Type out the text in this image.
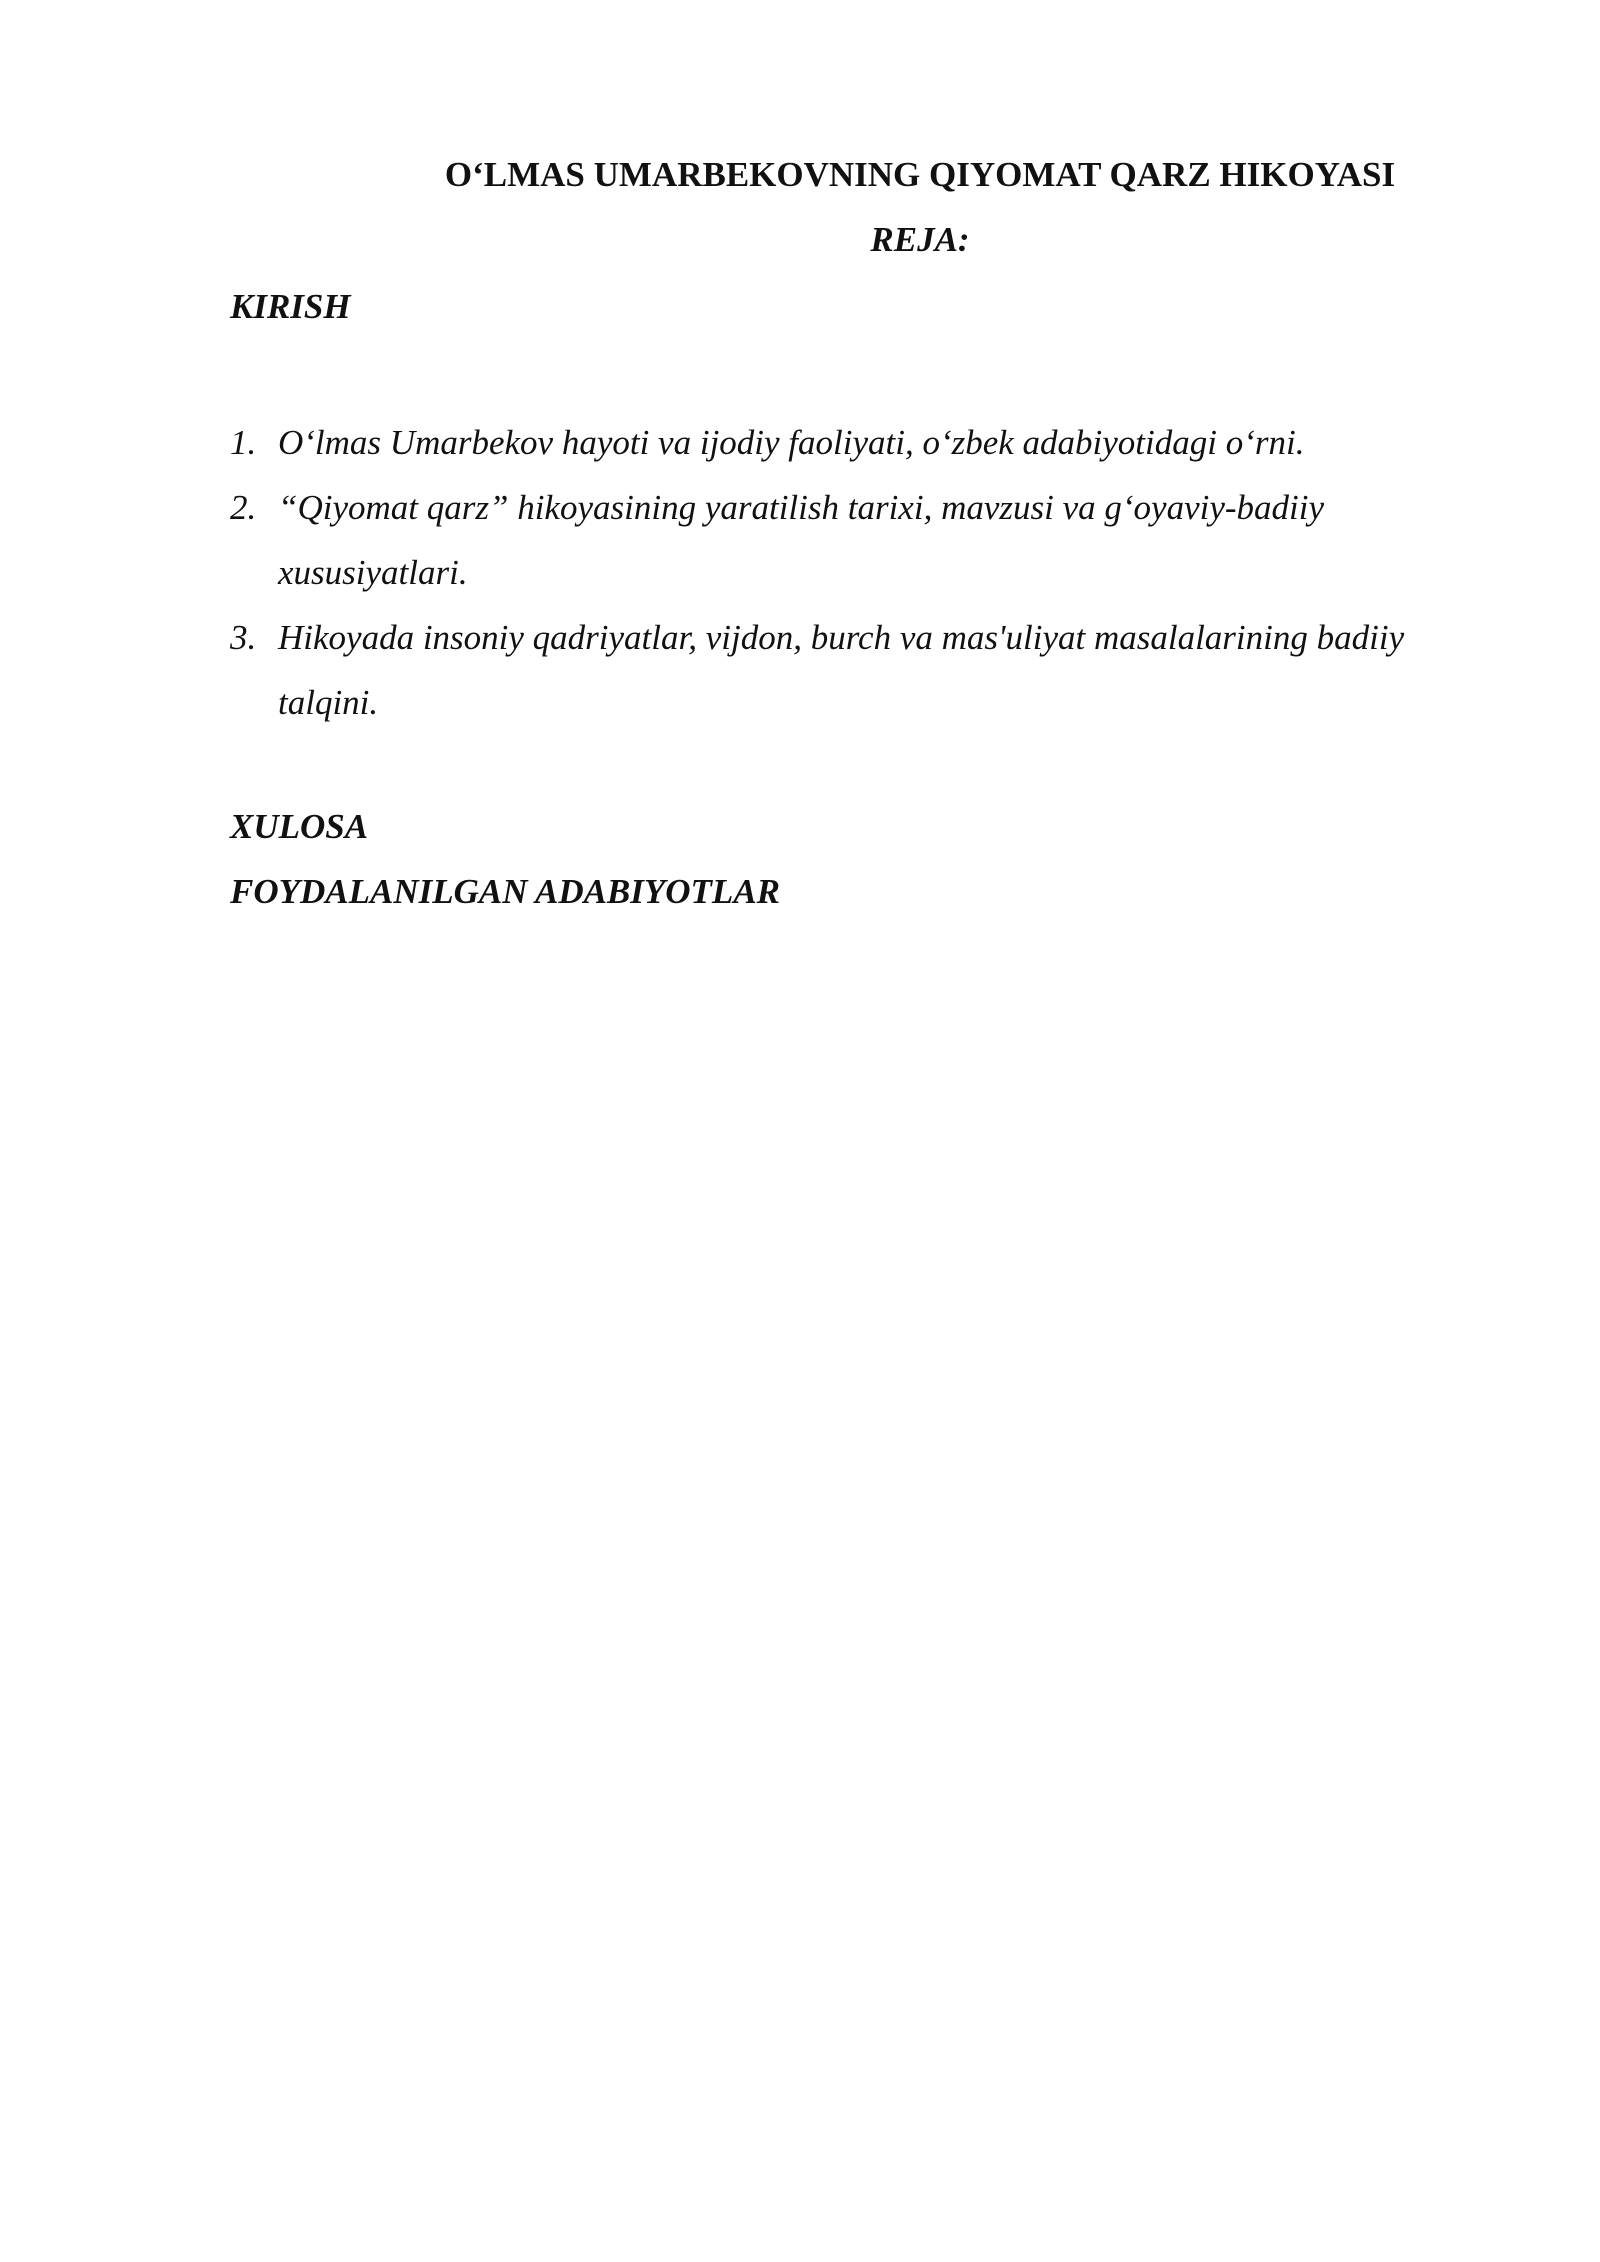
O‘LMAS UMARBEKOVNING QIYOMAT QARZ HIKOYASI
REJA:

KIRISH

1. O‘lmas Umarbekov hayoti va ijodiy faoliyati, o‘zbek adabiyotidagi o‘rni.
2. “Qiyomat qarz” hikoyasining yaratilish tarixi, mavzusi va g‘oyaviy-badiiy xususiyatlari.
3. Hikoyada insoniy qadriyatlar, vijdon, burch va mas'uliyat masalalarining badiiy talqini.

XULOSA

FOYDALANILGAN ADABIYOTLAR
